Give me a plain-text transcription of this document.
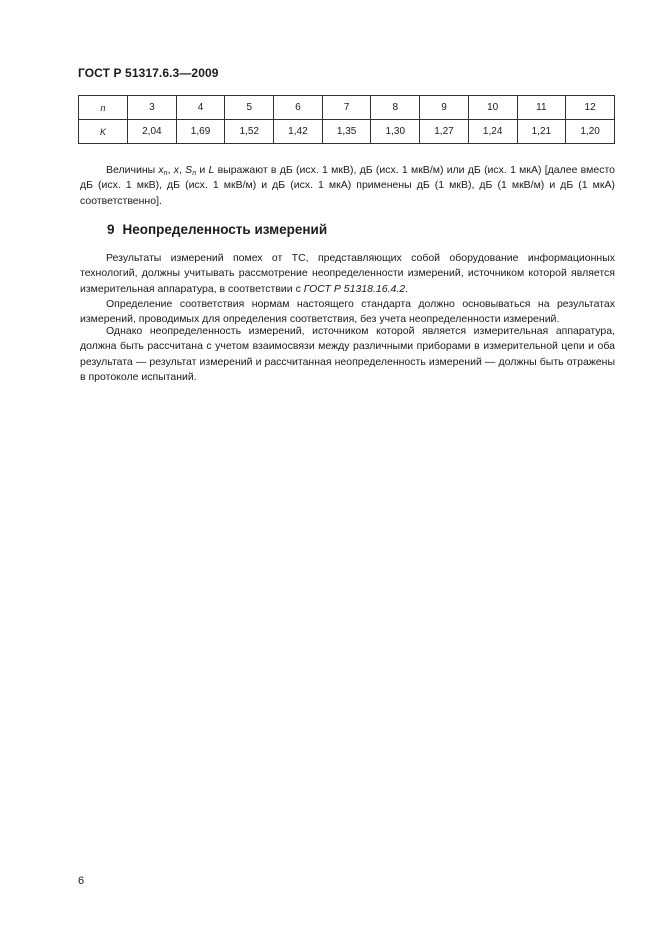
ГОСТ Р 51317.6.3—2009
n	3	4	5	6	7	8	9	10	11	12
K	2,04	1,69	1,52	1,42	1,35	1,30	1,27	1,24	1,21	1,20

Величины $x_n$, x, $S_n$ и L выражают в дБ (исх. 1 мкВ), дБ (исх. 1 мкВ/м) или дБ (исх. 1 мкА) [далее вместо дБ (исх. 1 мкВ), дБ (исх. 1 мкВ/м) и дБ (исх. 1 мкА) применены дБ (1 мкВ), дБ (1 мкВ/м) и дБ (1 мкА) соответственно].

9 Неопределенность измерений

Результаты измерений помех от ТС, представляющих собой оборудование информационных технологий, должны учитывать рассмотрение неопределенности измерений, источником которой является измерительная аппаратура, в соответствии с ГОСТ Р 51318.16.4.2.

Определение соответствия нормам настоящего стандарта должно основываться на результатах измерений, проводимых для определения соответствия, без учета неопределенности измерений.

Однако неопределенность измерений, источником которой является измерительная аппаратура, должна быть рассчитана с учетом взаимосвязи между различными приборами в измерительной цепи и оба результата — результат измерений и рассчитанная неопределенность измерений — должны быть отражены в протоколе испытаний.

6
